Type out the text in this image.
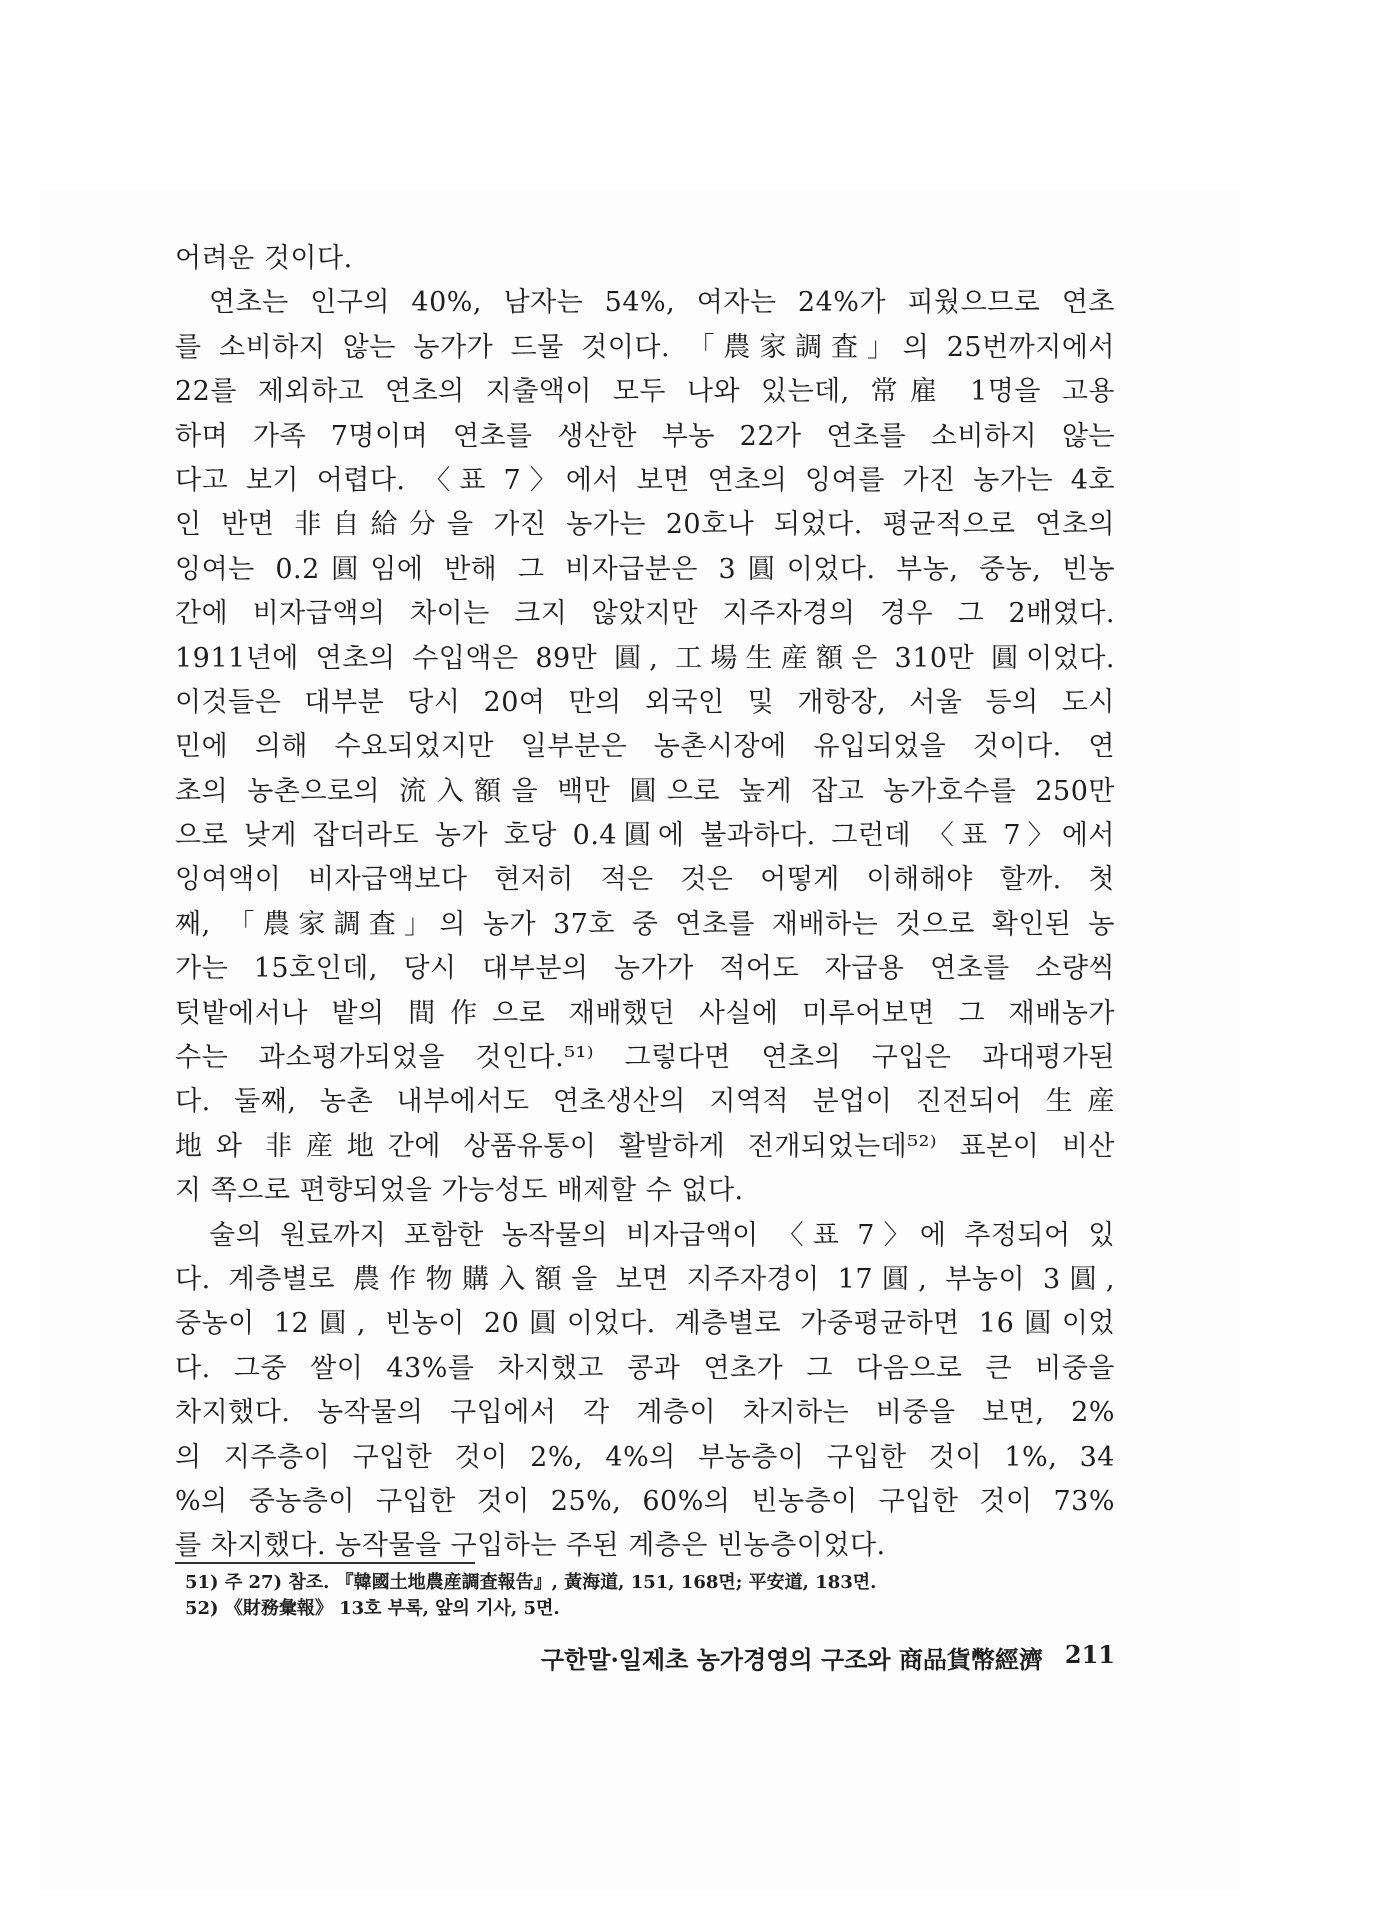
어려운 것이다.
연초는 인구의 40%, 남자는 54%, 여자는 24%가 피웠으므로 연초
를 소비하지 않는 농가가 드물 것이다. 「農家調査」의 25번까지에서
22를 제외하고 연초의 지출액이 모두 나와 있는데, 常雇 1명을 고용
하며 가족 7명이며 연초를 생산한 부농 22가 연초를 소비하지 않는
다고 보기 어렵다. 〈표 7〉에서 보면 연초의 잉여를 가진 농가는 4호
인 반면 非自給分을 가진 농가는 20호나 되었다. 평균적으로 연초의
잉여는 0.2圓임에 반해 그 비자급분은 3圓이었다. 부농, 중농, 빈농
간에 비자급액의 차이는 크지 않았지만 지주자경의 경우 그 2배였다.
1911년에 연초의 수입액은 89만 圓, 工場生産額은 310만 圓이었다.
이것들은 대부분 당시 20여 만의 외국인 및 개항장, 서울 등의 도시
민에 의해 수요되었지만 일부분은 농촌시장에 유입되었을 것이다. 연
초의 농촌으로의 流入額을 백만 圓으로 높게 잡고 농가호수를 250만
으로 낮게 잡더라도 농가 호당 0.4圓에 불과하다. 그런데 〈표 7〉에서
잉여액이 비자급액보다 현저히 적은 것은 어떻게 이해해야 할까. 첫
째, 「農家調査」의 농가 37호 중 연초를 재배하는 것으로 확인된 농
가는 15호인데, 당시 대부분의 농가가 적어도 자급용 연초를 소량씩
텃밭에서나 밭의 間作으로 재배했던 사실에 미루어보면 그 재배농가
수는 과소평가되었을 것인다.⁵¹⁾ 그렇다면 연초의 구입은 과대평가된
다. 둘째, 농촌 내부에서도 연초생산의 지역적 분업이 진전되어 生産
地와 非産地간에 상품유통이 활발하게 전개되었는데⁵²⁾ 표본이 비산
지 쪽으로 편향되었을 가능성도 배제할 수 없다.
술의 원료까지 포함한 농작물의 비자급액이 〈표 7〉에 추정되어 있
다. 계층별로 農作物購入額을 보면 지주자경이 17圓, 부농이 3圓,
중농이 12圓, 빈농이 20圓이었다. 계층별로 가중평균하면 16圓이었
다. 그중 쌀이 43%를 차지했고 콩과 연초가 그 다음으로 큰 비중을
차지했다. 농작물의 구입에서 각 계층이 차지하는 비중을 보면, 2%
의 지주층이 구입한 것이 2%, 4%의 부농층이 구입한 것이 1%, 34
%의 중농층이 구입한 것이 25%, 60%의 빈농층이 구입한 것이 73%
를 차지했다. 농작물을 구입하는 주된 계층은 빈농층이었다.
51) 주 27) 참조. 『韓國土地農産調査報告』, 黃海道, 151, 168면; 平安道, 183면.
52) 《財務彙報》 13호 부록, 앞의 기사, 5면.
구한말·일제초 농가경영의 구조와 商品貨幣經濟 211
